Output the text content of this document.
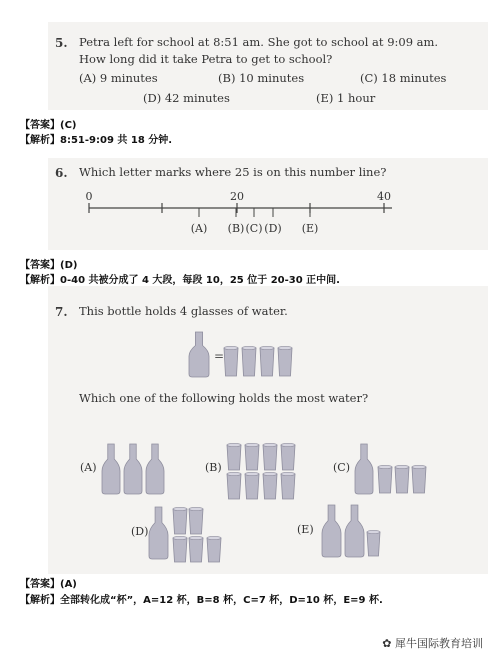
5. Petra left for school at 8:51 am. She got to school at 9:09 am.
How long did it take Petra to get to school?
(A) 9 minutes	(B) 10 minutes	(C) 18 minutes
(D) 42 minutes	(E) 1 hour
【答案】(C)
【解析】8:51-9:09 共 18 分钟.
6. Which letter marks where 25 is on this number line?
0	20	40
(A) (B) (C) (D) (E)
【答案】(D)
【解析】0-40 共被分成了 4 大段，每段 10，25 位于 20-30 正中间.
7. This bottle holds 4 glasses of water.
Which one of the following holds the most water?
(A)	(B)	(C)
(D)	(E)
=
【答案】(A)
【解析】全部转化成“杯”，A=12 杯，B=8 杯，C=7 杯，D=10 杯，E=9 杯.
✿ 犀牛国际教育培训
